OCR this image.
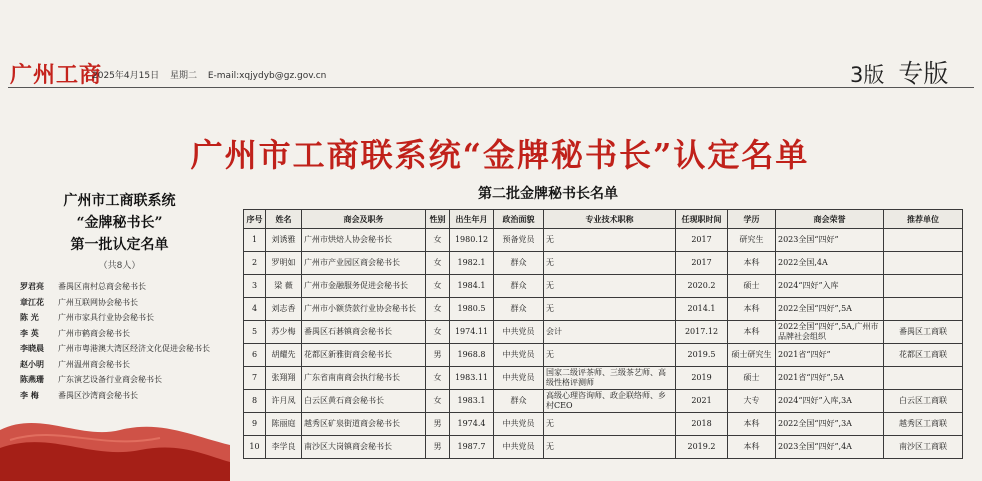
广州工商
2025年4月15日 星期二 E-mail:xqjydyb@gz.gov.cn	3版 专版
广州市工商联系统“金牌秘书长”认定名单
广州市工商联系统
“金牌秘书长”
第一批认定名单
（共8人）
罗君亮 番禺区南村总商会秘书长
章江花 广州互联网协会秘书长
陈 光 广州市家具行业协会秘书长
李 英 广州市鹤商会秘书长
李晓晨 广州市粤港澳大湾区经济文化促进会秘书长
赵小明 广州温州商会秘书长
陈燕珊 广东演艺设备行业商会秘书长
李 梅 番禺区沙湾商会秘书长
第二批金牌秘书长名单
序号	姓名	商会及职务	性别	出生年月	政治面貌	专业技术职称	任现职时间	学历	商会荣誉	推荐单位
1	刘诱雅	广州市烘焙人协会秘书长	女	1980.12	预备党员	无	2017	研究生	2023全国“四好”	
2	罗明如	广州市产业园区商会秘书长	女	1982.1	群众	无	2017	本科	2022全国,4A	
3	梁 薇	广州市金融服务促进会秘书长	女	1984.1	群众	无	2020.2	硕士	2024“四好”入库	
4	刘志香	广州市小额贷款行业协会秘书长	女	1980.5	群众	无	2014.1	本科	2022全国“四好”,5A	
5	苏少梅	番禺区石碁镇商会秘书长	女	1974.11	中共党员	会计	2017.12	本科	2022全国“四好”,5A,广州市品牌社会组织	番禺区工商联
6	胡耀先	花都区新雅街商会秘书长	男	1968.8	中共党员	无	2019.5	硕士研究生	2021省“四好”	花都区工商联
7	张翔翔	广东省南南商会执行秘书长	女	1983.11	中共党员	国家二级评茶师、三级茶艺师、高级性格评测师	2019	硕士	2021省“四好”,5A	
8	许月凤	白云区黄石商会秘书长	女	1983.1	群众	高级心理咨询师、政企联络师、乡村CEO	2021	大专	2024“四好”入库,3A	白云区工商联
9	陈丽庭	越秀区矿泉街道商会秘书长	男	1974.4	中共党员	无	2018	本科	2022全国“四好”,3A	越秀区工商联
10	李学良	南沙区大岗镇商会秘书长	男	1987.7	中共党员	无	2019.2	本科	2023全国“四好”,4A	南沙区工商联
